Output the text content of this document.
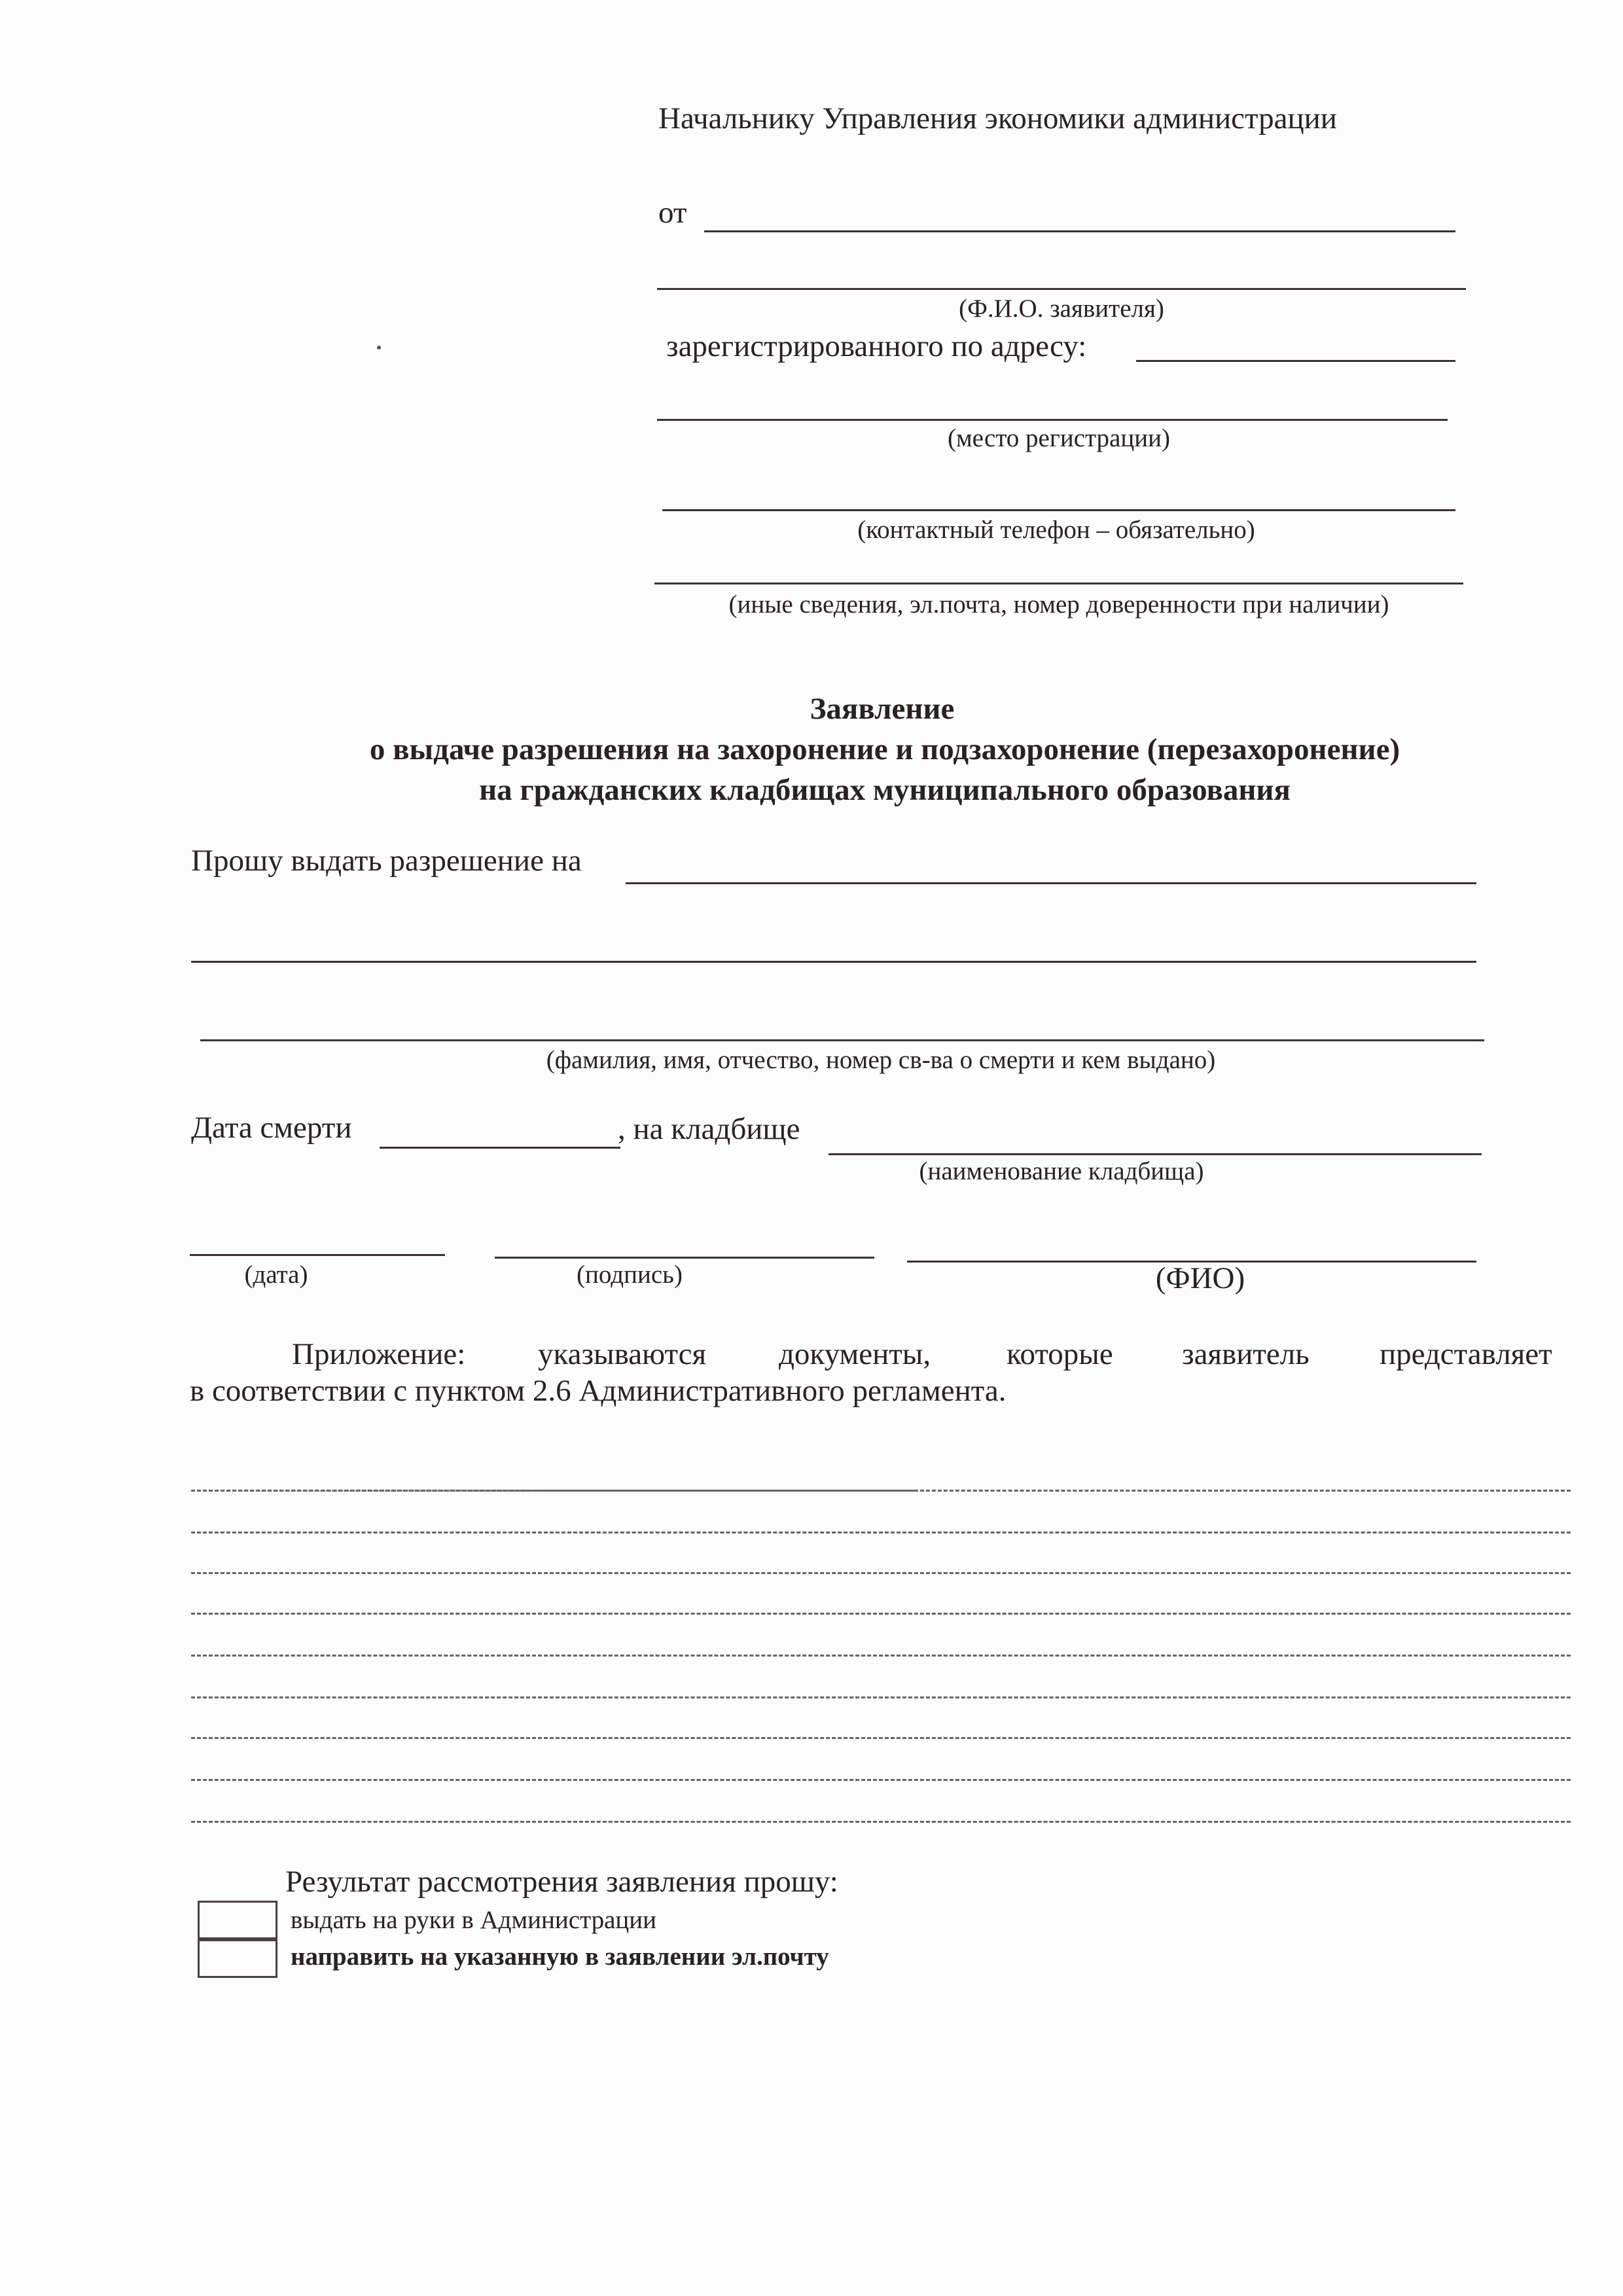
Начальнику Управления экономики администрации
от
(Ф.И.О. заявителя)
зарегистрированного по адресу:
(место регистрации)
(контактный телефон – обязательно)
(иные сведения, эл.почта, номер доверенности при наличии)
Заявление
о выдаче разрешения на захоронение и подзахоронение (перезахоронение)
на гражданских кладбищах муниципального образования
Прошу выдать разрешение на
(фамилия, имя, отчество, номер св-ва о смерти и кем выдано)
Дата смерти	, на кладбище
(наименование кладбища)
(дата)	(подпись)	(ФИО)
Приложение: указываются документы, которые заявитель представляет
в соответствии с пунктом 2.6 Административного регламента.
Результат рассмотрения заявления прошу:
выдать на руки в Администрации
направить на указанную в заявлении эл.почту
